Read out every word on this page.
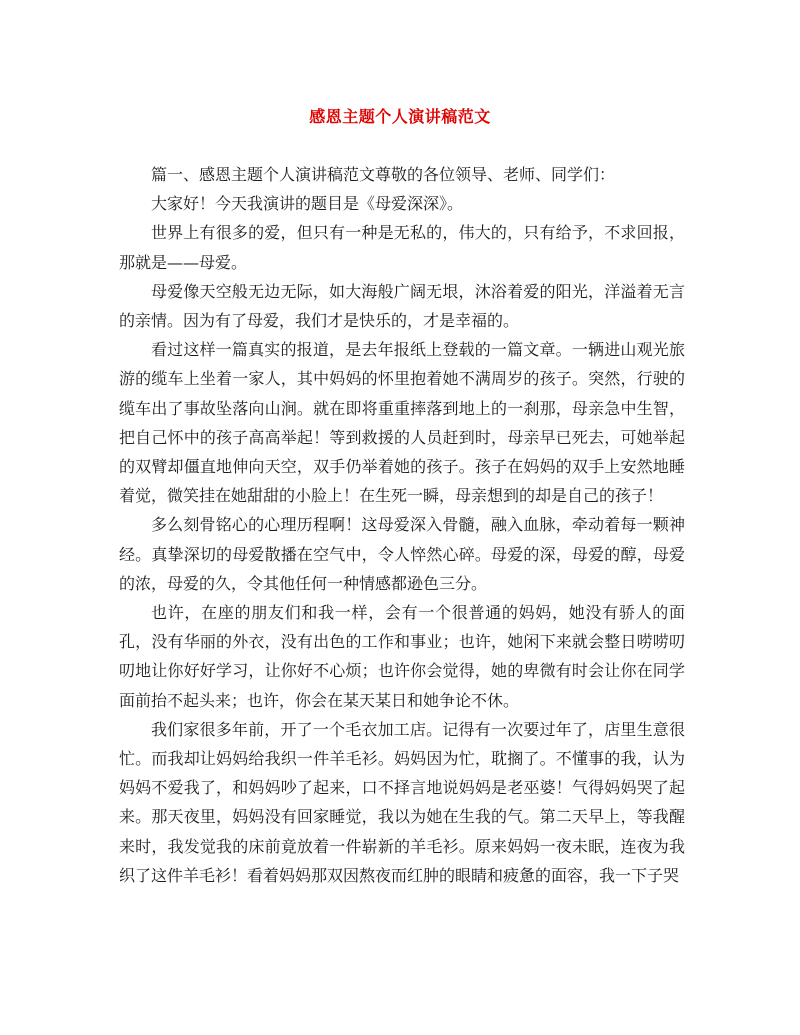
感恩主题个人演讲稿范文

篇一、感恩主题个人演讲稿范文尊敬的各位领导、老师、同学们：

大家好！今天我演讲的题目是《母爱深深》。

世界上有很多的爱，但只有一种是无私的，伟大的，只有给予，不求回报，那就是——母爱。

母爱像天空般无边无际，如大海般广阔无垠，沐浴着爱的阳光，洋溢着无言的亲情。因为有了母爱，我们才是快乐的，才是幸福的。

看过这样一篇真实的报道，是去年报纸上登载的一篇文章。一辆进山观光旅游的缆车上坐着一家人，其中妈妈的怀里抱着她不满周岁的孩子。突然，行驶的缆车出了事故坠落向山涧。就在即将重重摔落到地上的一刹那，母亲急中生智，把自己怀中的孩子高高举起！等到救援的人员赶到时，母亲早已死去，可她举起的双臂却僵直地伸向天空，双手仍举着她的孩子。孩子在妈妈的双手上安然地睡着觉，微笑挂在她甜甜的小脸上！在生死一瞬，母亲想到的却是自己的孩子！

多么刻骨铭心的心理历程啊！这母爱深入骨髓，融入血脉，牵动着每一颗神经。真挚深切的母爱散播在空气中，令人悴然心碎。母爱的深，母爱的醇，母爱的浓，母爱的久，令其他任何一种情感都逊色三分。

也许，在座的朋友们和我一样，会有一个很普通的妈妈，她没有骄人的面孔，没有华丽的外衣，没有出色的工作和事业；也许，她闲下来就会整日唠唠叨叨地让你好好学习，让你好不心烦；也许你会觉得，她的卑微有时会让你在同学面前抬不起头来；也许，你会在某天某日和她争论不休。

我们家很多年前，开了一个毛衣加工店。记得有一次要过年了，店里生意很忙。而我却让妈妈给我织一件羊毛衫。妈妈因为忙，耽搁了。不懂事的我，认为妈妈不爱我了，和妈妈吵了起来，口不择言地说妈妈是老巫婆！气得妈妈哭了起来。那天夜里，妈妈没有回家睡觉，我以为她在生我的气。第二天早上，等我醒来时，我发觉我的床前竟放着一件崭新的羊毛衫。原来妈妈一夜未眠，连夜为我织了这件羊毛衫！看着妈妈那双因熬夜而红肿的眼睛和疲惫的面容，我一下子哭
